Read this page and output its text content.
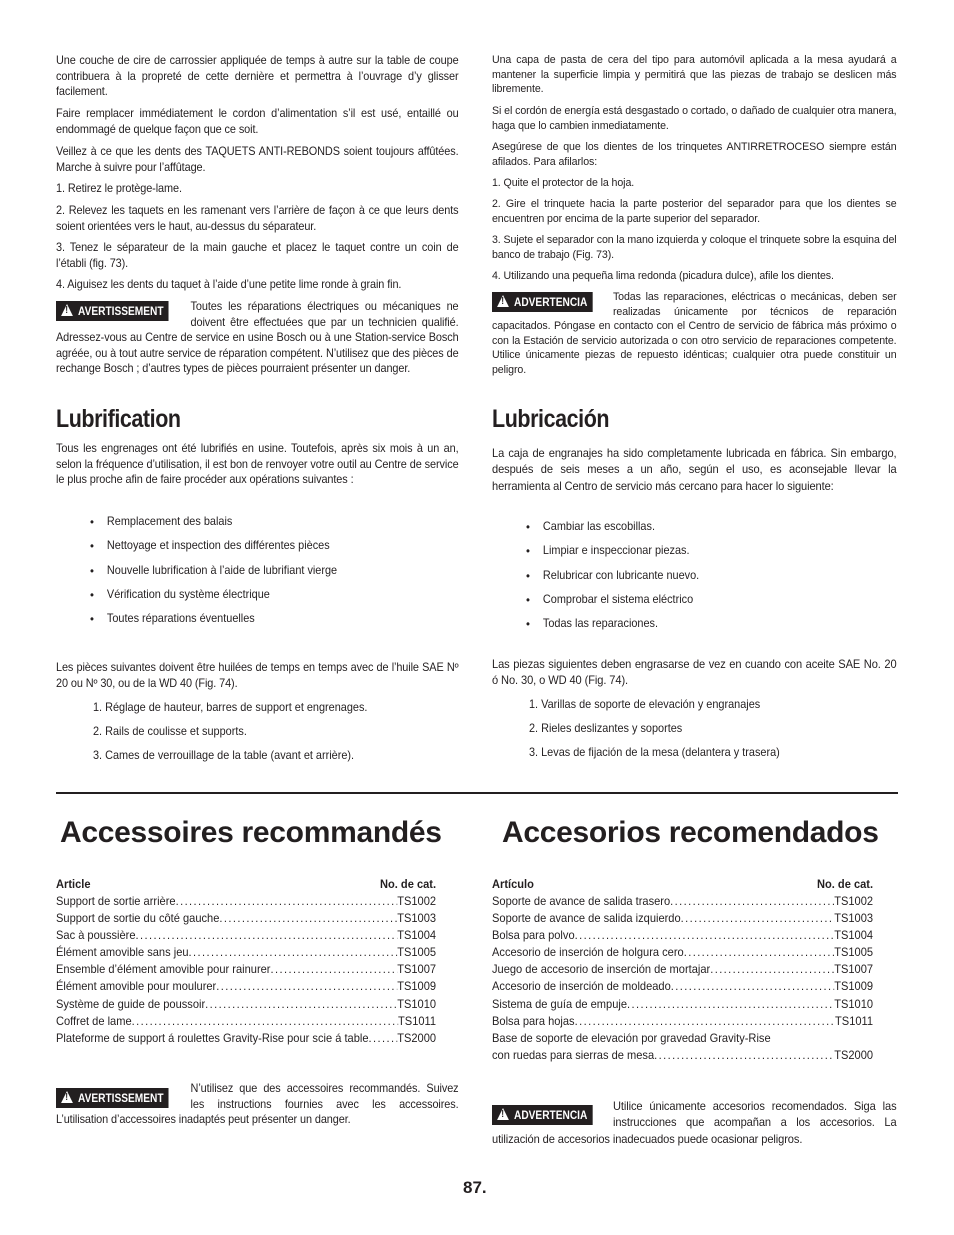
Une couche de cire de carrossier appliquée de temps à autre sur la table de coupe contribuera à la propreté de cette dernière et permettra à l’ouvrage d’y glisser facilement.

Faire remplacer immédiatement le cordon d’alimentation s’il est usé, entaillé ou endommagé de quelque façon que ce soit.

Veillez à ce que les dents des TAQUETS ANTI-REBONDS soient toujours affûtées. Marche à suivre pour l’affûtage.

1. Retirez le protège-lame.

2. Relevez les taquets en les ramenant vers l’arrière de façon à ce que leurs dents soient orientées vers le haut, au-dessus du séparateur.

3. Tenez le séparateur de la main gauche et placez le taquet contre un coin de l’établi (fig. 73).

4. Aiguisez les dents du taquet à l’aide d’une petite lime ronde à grain fin.

!AVERTISSEMENT	Toutes les réparations électriques ou mécaniques ne doivent être effectuées que par un technicien qualifié. Adressez-vous au Centre de service en usine Bosch ou à une Station-service Bosch agréée, ou à tout autre service de réparation compétent. N’utilisez que des pièces de rechange Bosch ; d’autres types de pièces pourraient présenter un danger.

Lubrification

Tous les engrenages ont été lubrifiés en usine. Toutefois, après six mois à un an, selon la fréquence d’utilisation, il est bon de renvoyer votre outil au Centre de service le plus proche afin de faire procéder aux opérations suivantes :

• Remplacement des balais
• Nettoyage et inspection des différentes pièces
• Nouvelle lubrification à l’aide de lubrifiant vierge
• Vérification du système électrique
• Toutes réparations éventuelles

Les pièces suivantes doivent être huilées de temps en temps avec de l’huile SAE Nº 20 ou Nº 30, ou de la WD 40 (Fig. 74).

1. Réglage de hauteur, barres de support et engrenages.
2. Rails de coulisse et supports.
3. Cames de verrouillage de la table (avant et arrière).
Accessoires recommandés
Article	No. de cat.
Support de sortie arrière .....	TS1002
Support de sortie du côté gauche .....	TS1003
Sac à poussière .....	TS1004
Élément amovible sans jeu .....	TS1005
Ensemble d’élément amovible pour rainurer .....	TS1007
Élément amovible pour moulurer .....	TS1009
Système de guide de poussoir .....	TS1010
Coffret de lame .....	TS1011
Plateforme de support á roulettes Gravity-Rise pour scie á table ..... TS2000

!AVERTISSEMENT
N’utilisez que des accessoires recommandés. Suivez les instructions fournies avec les accessoires. L’utilisation d’accessoires inadaptés peut présenter un danger.

Una capa de pasta de cera del tipo para automóvil aplicada a la mesa ayudará a mantener la superficie limpia y permitirá que las piezas de trabajo se deslicen más libremente.

Si el cordón de energía está desgastado o cortado, o dañado de cualquier otra manera, haga que lo cambien inmediatamente.

Asegúrese de que los dientes de los trinquetes ANTIRRETROCESO siempre están afilados. Para afilarlos:

1. Quite el protector de la hoja.

2. Gire el trinquete hacia la parte posterior del separador para que los dientes se encuentren por encima de la parte superior del separador.

3. Sujete el separador con la mano izquierda y coloque el trinquete sobre la esquina del banco de trabajo (Fig. 73).

4. Utilizando una pequeña lima redonda (picadura dulce), afile los dientes.

!ADVERTENCIA	Todas las reparaciones, eléctricas o mecánicas, deben ser realizadas únicamente por técnicos de reparación capacitados. Póngase en contacto con el Centro de servicio de fábrica más próximo o con la Estación de servicio autorizada o con otro servicio de reparaciones competente. Utilice únicamente piezas de repuesto idénticas; cualquier otra puede constituir un peligro.

Lubricación

La caja de engranajes ha sido completamente lubricada en fábrica. Sin embargo, después de seis meses a un año, según el uso, es aconsejable llevar la herramienta al Centro de servicio más cercano para hacer lo siguiente:

• Cambiar las escobillas.
• Limpiar e inspeccionar piezas.
• Relubricar con lubricante nuevo.
• Comprobar el sistema eléctrico
• Todas las reparaciones.

Las piezas siguientes deben engrasarse de vez en cuando con aceite SAE No. 20 ó No. 30, o WD 40 (Fig. 74).

1. Varillas de soporte de elevación y engranajes
2. Rieles deslizantes y soportes
3. Levas de fijación de la mesa (delantera y trasera)
Accesorios recomendados
Artículo	No. de cat.
Soporte de avance de salida trasero .....	TS1002
Soporte de avance de salida izquierdo .....	TS1003
Bolsa para polvo .....	TS1004
Accesorio de inserción de holgura cero .....	TS1005
Juego de accesorio de inserción de mortajar .....	TS1007
Accesorio de inserción de moldeado .....	TS1009
Sistema de guía de empuje .....	TS1010
Bolsa para hojas .....	TS1011
Base de soporte de elevación por gravedad Gravity-Rise
con ruedas para sierras de mesa .....	TS2000

!ADVERTENCIA
Utilice únicamente accesorios recomendados. Siga las instrucciones que acompañan a los accesorios. La utilización de accesorios inadecuados puede ocasionar peligros.

87.
